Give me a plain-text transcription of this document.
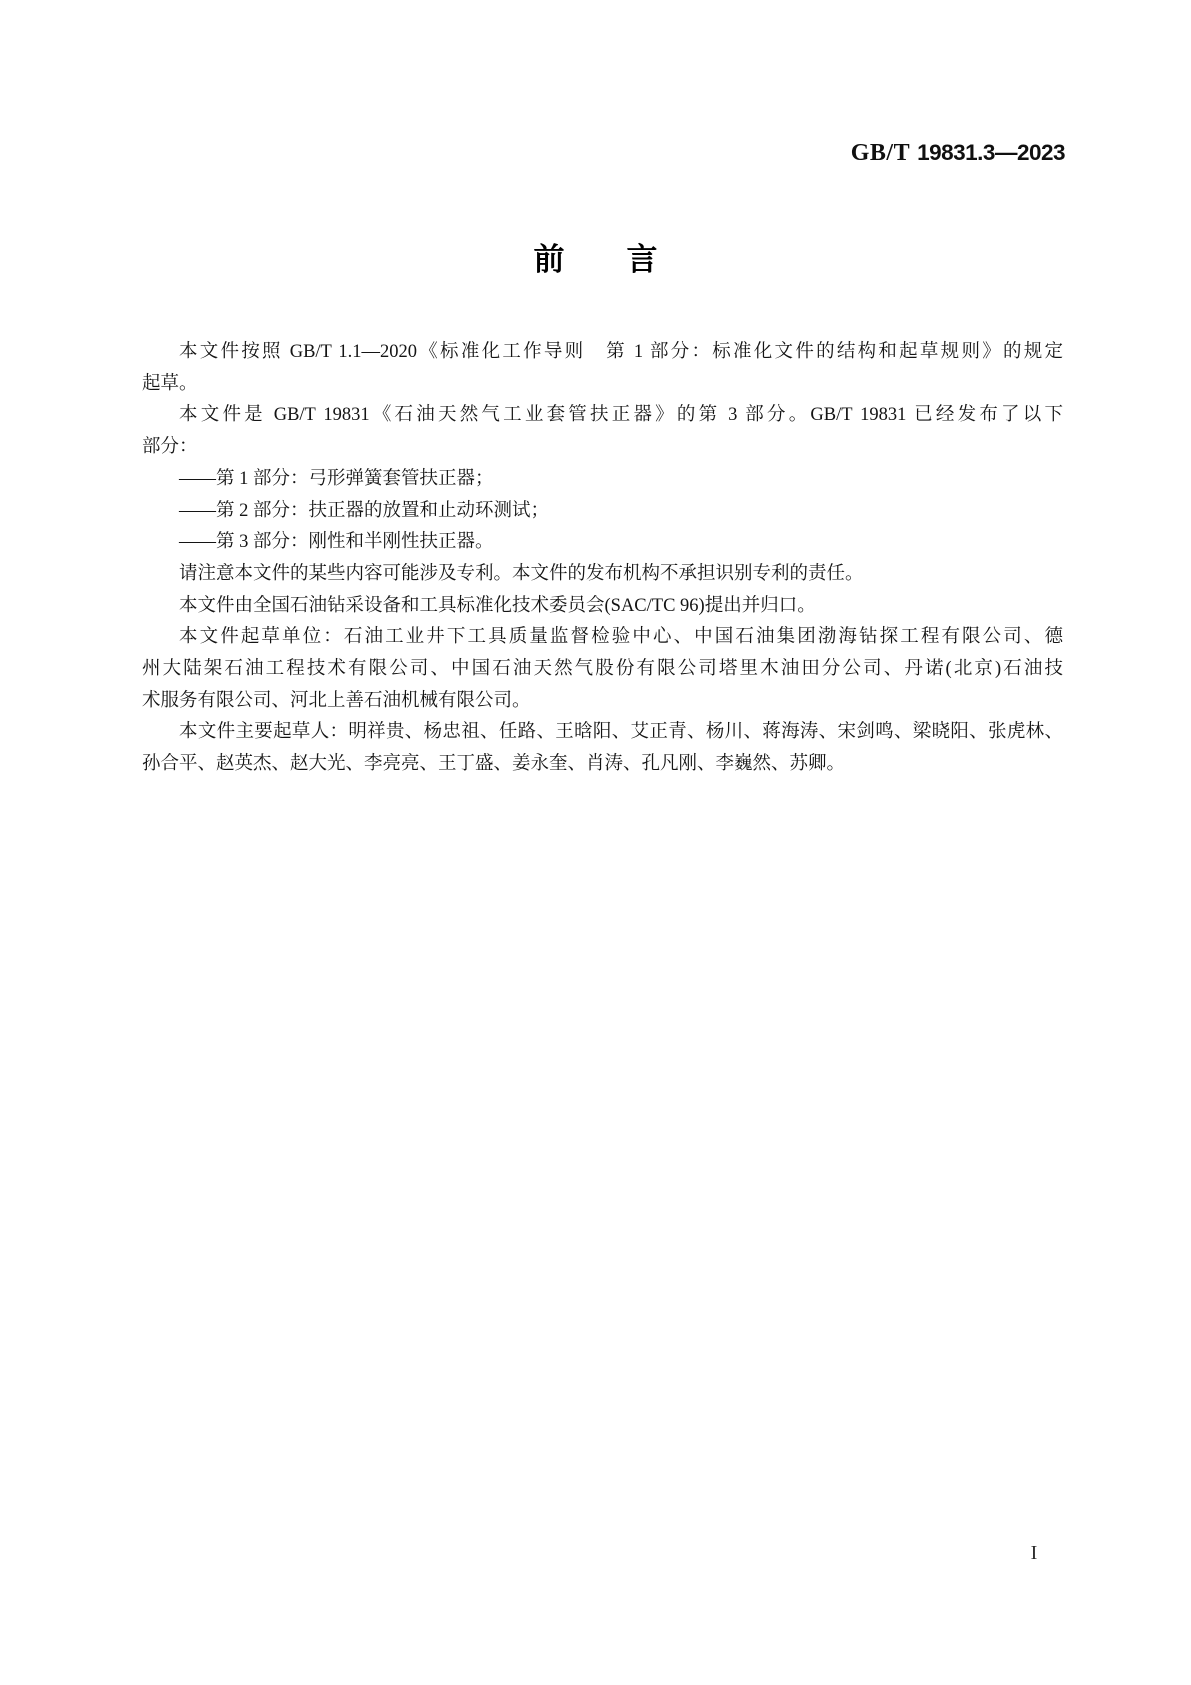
GB/T 19831.3—2023
前　　言
本文件按照 GB/T 1.1—2020《标准化工作导则　第 1 部分：标准化文件的结构和起草规则》的规定
起草。
本文件是 GB/T 19831《石油天然气工业套管扶正器》的第 3 部分。GB/T 19831 已经发布了以下
部分：
——第 1 部分：弓形弹簧套管扶正器；
——第 2 部分：扶正器的放置和止动环测试；
——第 3 部分：刚性和半刚性扶正器。
请注意本文件的某些内容可能涉及专利。本文件的发布机构不承担识别专利的责任。
本文件由全国石油钻采设备和工具标准化技术委员会(SAC/TC 96)提出并归口。
本文件起草单位：石油工业井下工具质量监督检验中心、中国石油集团渤海钻探工程有限公司、德
州大陆架石油工程技术有限公司、中国石油天然气股份有限公司塔里木油田分公司、丹诺(北京)石油技
术服务有限公司、河北上善石油机械有限公司。
本文件主要起草人：明祥贵、杨忠祖、任路、王晗阳、艾正青、杨川、蒋海涛、宋剑鸣、梁晓阳、张虎林、
孙合平、赵英杰、赵大光、李亮亮、王丁盛、姜永奎、肖涛、孔凡刚、李巍然、苏卿。
I
